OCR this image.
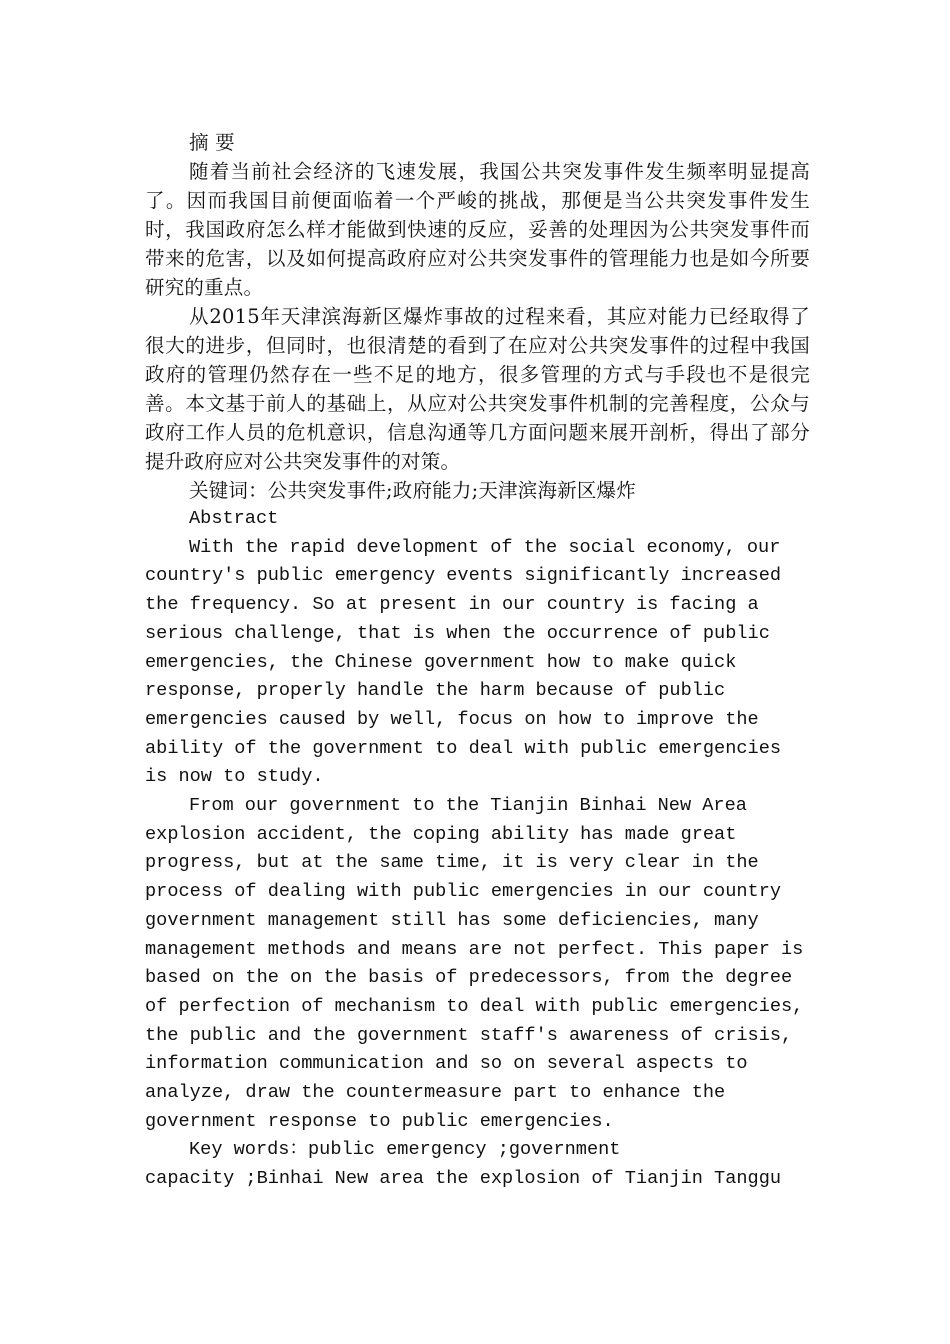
摘 要

随着当前社会经济的飞速发展，我国公共突发事件发生频率明显提高了。因而我国目前便面临着一个严峻的挑战，那便是当公共突发事件发生时，我国政府怎么样才能做到快速的反应，妥善的处理因为公共突发事件而带来的危害，以及如何提高政府应对公共突发事件的管理能力也是如今所要研究的重点。

从2015年天津滨海新区爆炸事故的过程来看，其应对能力已经取得了很大的进步，但同时，也很清楚的看到了在应对公共突发事件的过程中我国政府的管理仍然存在一些不足的地方，很多管理的方式与手段也不是很完善。本文基于前人的基础上，从应对公共突发事件机制的完善程度，公众与政府工作人员的危机意识，信息沟通等几方面问题来展开剖析，得出了部分提升政府应对公共突发事件的对策。

关键词：公共突发事件;政府能力;天津滨海新区爆炸

Abstract

With the rapid development of the social economy, our
country's public emergency events significantly increased
the frequency. So at present in our country is facing a
serious challenge, that is when the occurrence of public
emergencies, the Chinese government how to make quick
response, properly handle the harm because of public
emergencies caused by well, focus on how to improve the
ability of the government to deal with public emergencies
is now to study.

From our government to the Tianjin Binhai New Area
explosion accident, the coping ability has made great
progress, but at the same time, it is very clear in the
process of dealing with public emergencies in our country
government management still has some deficiencies, many
management methods and means are not perfect. This paper is
based on the on the basis of predecessors, from the degree
of perfection of mechanism to deal with public emergencies,
the public and the government staff's awareness of crisis,
information communication and so on several aspects to
analyze, draw the countermeasure part to enhance the
government response to public emergencies.

Key words：public emergency ;government
capacity ;Binhai New area the explosion of Tianjin Tanggu
